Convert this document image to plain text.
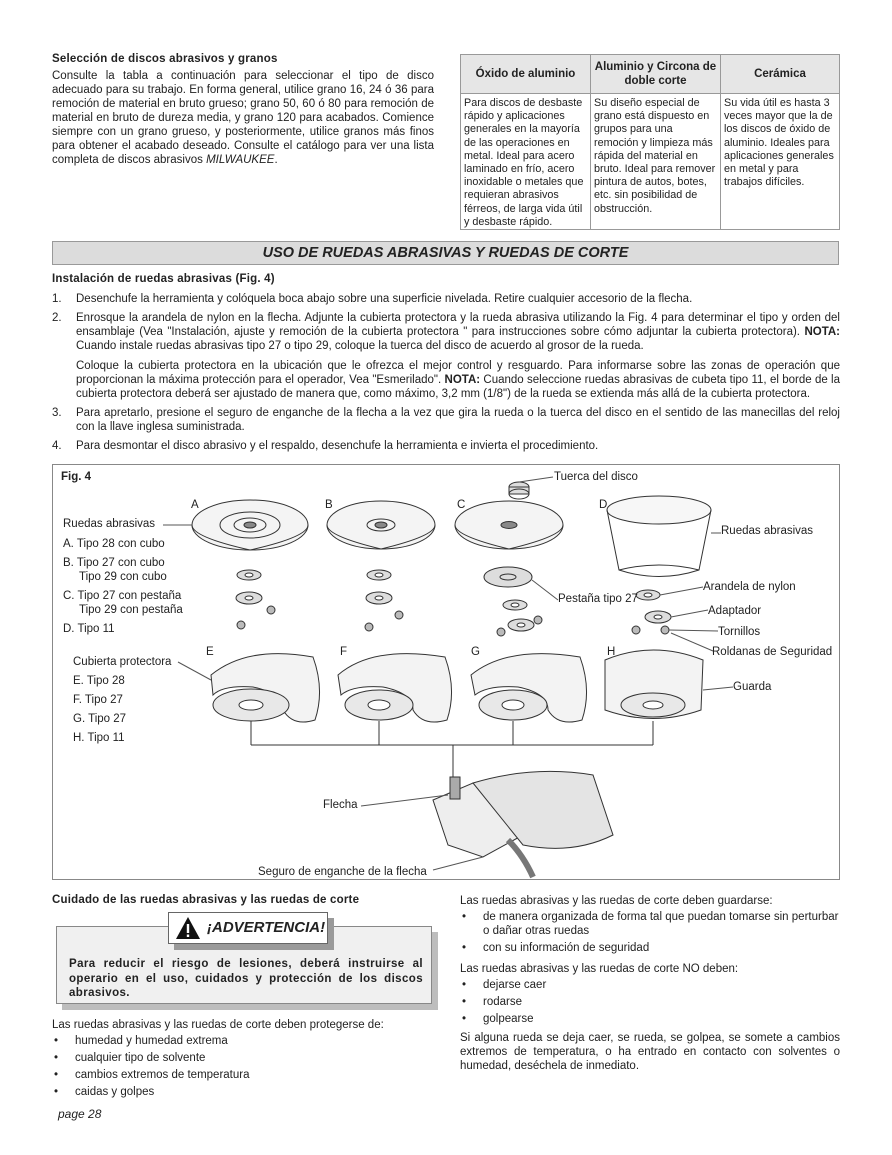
Selección de discos abrasivos y granos

Consulte la tabla a continuación para seleccionar el tipo de disco adecuado para su trabajo. En forma general, utilice grano 16, 24 ó 36 para remoción de material en bruto grueso; grano 50, 60 ó 80 para remoción de material en bruto de dureza media, y grano 120 para acabados. Comience siempre con un grano grueso, y posteriormente, utilice granos más finos para obtener el acabado deseado. Consulte el catálogo para ver una lista completa de discos abrasivos MILWAUKEE.

Óxido de aluminio	Aluminio y Circona de doble corte	Cerámica
Para discos de desbaste rápido y aplicaciones generales en la mayoría de las operaciones en metal. Ideal para acero laminado en frío, acero inoxidable o metales que requieran abrasivos férreos, de larga vida útil y desbaste rápido.	Su diseño especial de grano está dispuesto en grupos para una remoción y limpieza más rápida del material en bruto. Ideal para remover pintura de autos, botes, etc. sin posibilidad de obstrucción.	Su vida útil es hasta 3 veces mayor que la de los discos de óxido de aluminio. Ideales para aplicaciones generales en metal y para trabajos difíciles.
USO DE RUEDAS ABRASIVAS Y RUEDAS DE CORTE
Instalación de ruedas abrasivas (Fig. 4)
1. Desenchufe la herramienta y colóquela boca abajo sobre una superficie nivelada. Retire cualquier accesorio de la flecha.
2. Enrosque la arandela de nylon en la flecha. Adjunte la cubierta protectora y la rueda abrasiva utilizando la Fig. 4 para determinar el tipo y orden del ensamblaje (Vea "Instalación, ajuste y remoción de la cubierta protectora " para instrucciones sobre cómo adjuntar la cubierta protectora). NOTA: Cuando instale ruedas abrasivas tipo 27 o tipo 29, coloque la tuerca del disco de acuerdo al grosor de la rueda.

Coloque la cubierta protectora en la ubicación que le ofrezca el mejor control y resguardo. Para informarse sobre las zonas de operación que proporcionan la máxima protección para el operador, Vea "Esmerilado". NOTA: Cuando seleccione ruedas abrasivas de cubeta tipo 11, el borde de la cubierta protectora deberá ser ajustado de manera que, como máximo, 3,2 mm (1/8") de la rueda se extienda más allá de la cubierta protectora.

3. Para apretarlo, presione el seguro de enganche de la flecha a la vez que gira la rueda o la tuerca del disco en el sentido de las manecillas del reloj con la llave inglesa suministrada.
4. Para desmontar el disco abrasivo y el respaldo, desenchufe la herramienta e invierta el procedimiento.
Fig. 4
A	B	C	D
E	F	G	H
Ruedas abrasivas
A. Tipo 28 con cubo
B. Tipo 27 con cubo
Tipo 29 con cubo
C. Tipo 27 con pestaña
Tipo 29 con pestaña
D. Tipo 11
Cubierta protectora
E. Tipo 28
F. Tipo 27
G. Tipo 27
H. Tipo 11
Tuerca del disco
Ruedas abrasivas
Pestaña tipo 27
Arandela de nylon
Adaptador
Tornillos
Roldanas de Seguridad
Guarda
Flecha
Seguro de enganche de la flecha
Cuidado de las ruedas abrasivas y las ruedas de corte

Para reducir el riesgo de lesiones, deberá instruirse al operario en el uso, cuidados y protección de los discos abrasivos.

¡ADVERTENCIA!

Las ruedas abrasivas y las ruedas de corte deben protegerse de:

• humedad y humedad extrema
• cualquier tipo de solvente
• cambios extremos de temperatura
• caidas y golpes

Las ruedas abrasivas y las ruedas de corte deben guardarse:

• de manera organizada de forma tal que puedan tomarse sin perturbar o dañar otras ruedas
• con su información de seguridad

Las ruedas abrasivas y las ruedas de corte NO deben:

• dejarse caer
• rodarse
• golpearse

Si alguna rueda se deja caer, se rueda, se golpea, se somete a cambios extremos de temperatura, o ha entrado en contacto con solventes o humedad, deséchela de inmediato.

page 28
